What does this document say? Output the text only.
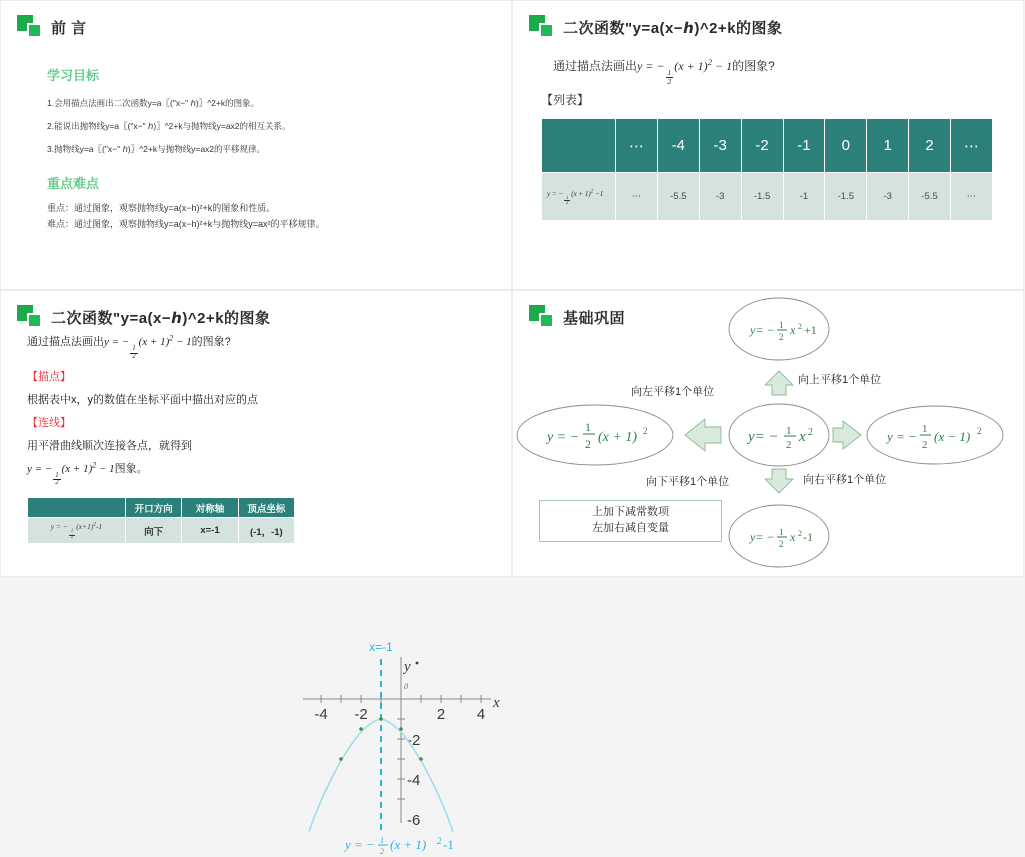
前 言
学习目标
1.会用描点法画出二次函数y=a〖("x−" ℎ)〗^2+k的图象。
2.能说出抛物线y=a〖("x−" ℎ)〗^2+k与抛物线y=ax2的相互关系。
3.抛物线y=a〖("x−" ℎ)〗^2+k与抛物线y=ax2的平移规律。
重点难点
重点：通过图象，观察抛物线y=a(x−h)²+k的图象和性质。
难点：通过图象，观察抛物线y=a(x−h)²+k与抛物线y=ax²的平移规律。
二次函数"y=a(x−ℎ)^2+k的图象
通过描点法画出y = −
$\frac{1}{2}$
$(x + 1)^2 - 1$的图象?
【列表】
	⋯	-4	-3	-2	-1	0	1	2	⋯
y = −
$\frac{1}{2}$
$(x + 1)^2 -1$	⋯	-5.5	-3	-1.5	-1	-1.5	-3	-5.5	⋯
二次函数"y=a(x−ℎ)^2+k的图象
通过描点法画出y = −
$\frac{1}{2}$
$(x + 1)^2 - 1$的图象?
【描点】
根据表中x，y的数值在坐标平面中描出对应的点
【连线】
用平滑曲线顺次连接各点，就得到
y = −
$\frac{1}{2}$
$(x + 1)^2 - 1$图象。
	开口方向	对称轴	顶点坐标
y = −
$\frac{1}{2}$
$(x+1)^2-1$	向下	x=-1	(-1，-1)
x
y
0
-4 -2	2 4
-2
-4
-6
x=-1
y = − 1
2 (x + 1) 2 -1
基础巩固
y= − 1
2 x 2
y= − 1
2 x 2 +1
y= − 1
2 x 2 -1
y = −
1
2 (x + 1) 2	y = − 1
2
(x − 1) 2
向上平移1个单位
向左平移1个单位
向下平移1个单位	向右平移1个单位
上加下减常数项
左加右减自变量
